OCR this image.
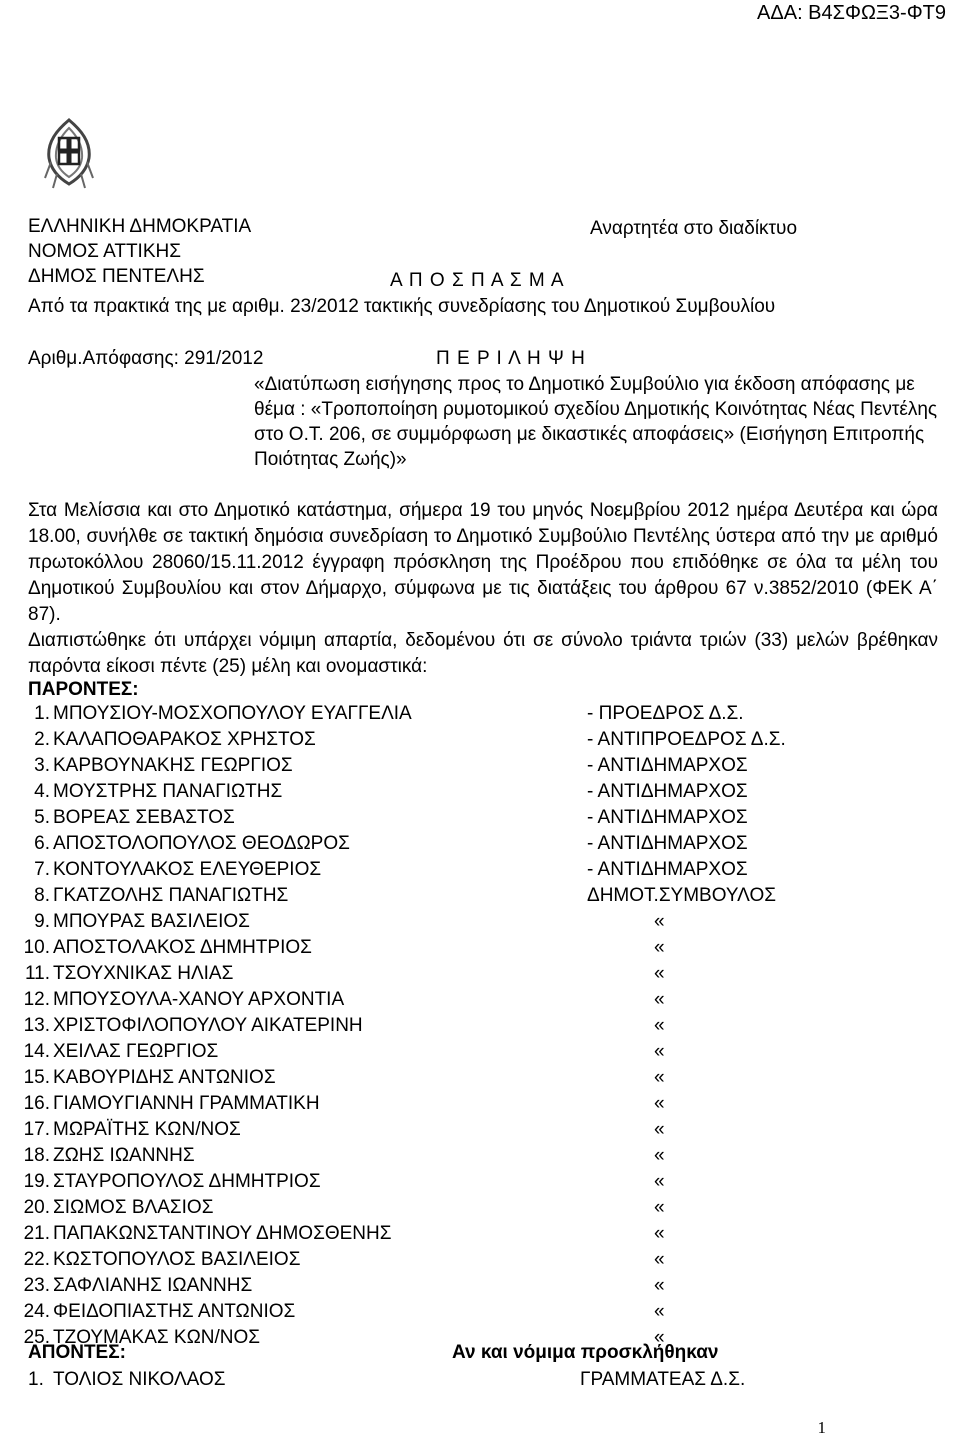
ΑΔΑ: Β4ΣΦΩΞ3-ΦΤ9
ΕΛΛΗΝΙΚΗ ΔΗΜΟΚΡΑΤΙΑ
ΝΟΜΟΣ ΑΤΤΙΚΗΣ
ΔΗΜΟΣ ΠΕΝΤΕΛΗΣ
Αναρτητέα στο διαδίκτυο
Α Π Ο Σ Π Α Σ Μ Α
Από τα πρακτικά της με αριθμ. 23/2012 τακτικής συνεδρίασης του Δημοτικού Συμβουλίου
Αριθμ.Απόφασης: 291/2012	Π Ε Ρ Ι Λ Η Ψ Η
«Διατύπωση εισήγησης προς το Δημοτικό Συμβούλιο για έκδοση απόφασης με θέμα : «Τροποποίηση ρυμοτομικού σχεδίου Δημοτικής Κοινότητας Νέας Πεντέλης στο Ο.Τ. 206, σε συμμόρφωση με δικαστικές αποφάσεις» (Εισήγηση Επιτροπής Ποιότητας Ζωής)»
Στα Μελίσσια και στο Δημοτικό κατάστημα, σήμερα 19 του μηνός Νοεμβρίου 2012 ημέρα Δευτέρα και ώρα 18.00, συνήλθε σε τακτική δημόσια συνεδρίαση το Δημοτικό Συμβούλιο Πεντέλης ύστερα από την με αριθμό πρωτοκόλλου 28060/15.11.2012 έγγραφη πρόσκληση της Προέδρου που επιδόθηκε σε όλα τα μέλη του Δημοτικού Συμβουλίου και στον Δήμαρχο, σύμφωνα με τις διατάξεις του άρθρου 67 ν.3852/2010 (ΦΕΚ Α΄ 87).
Διαπιστώθηκε ότι υπάρχει νόμιμη απαρτία, δεδομένου ότι σε σύνολο τριάντα τριών (33) μελών βρέθηκαν παρόντα είκοσι πέντε (25) μέλη και ονομαστικά:
ΠΑΡΟΝΤΕΣ:
1. ΜΠΟΥΣΙΟΥ-ΜΟΣΧΟΠΟΥΛΟΥ ΕΥΑΓΓΕΛΙΑ	- ΠΡΟΕΔΡΟΣ Δ.Σ.
2. ΚΑΛΑΠΟΘΑΡΑΚΟΣ ΧΡΗΣΤΟΣ	- ΑΝΤΙΠΡΟΕΔΡΟΣ Δ.Σ.
3. ΚΑΡΒΟΥΝΑΚΗΣ ΓΕΩΡΓΙΟΣ	- ΑΝΤΙΔΗΜΑΡΧΟΣ
4. ΜΟΥΣΤΡΗΣ ΠΑΝΑΓΙΩΤΗΣ	- ΑΝΤΙΔΗΜΑΡΧΟΣ
5. ΒΟΡΕΑΣ ΣΕΒΑΣΤΟΣ	- ΑΝΤΙΔΗΜΑΡΧΟΣ
6. ΑΠΟΣΤΟΛΟΠΟΥΛΟΣ ΘΕΟΔΩΡΟΣ	- ΑΝΤΙΔΗΜΑΡΧΟΣ
7. ΚΟΝΤΟΥΛΑΚΟΣ ΕΛΕΥΘΕΡΙΟΣ	- ΑΝΤΙΔΗΜΑΡΧΟΣ
8. ΓΚΑΤΖΟΛΗΣ ΠΑΝΑΓΙΩΤΗΣ	ΔΗΜΟΤ.ΣΥΜΒΟΥΛΟΣ
9. ΜΠΟΥΡΑΣ ΒΑΣΙΛΕΙΟΣ	«
10. ΑΠΟΣΤΟΛΑΚΟΣ ΔΗΜΗΤΡΙΟΣ	«
11. ΤΣΟΥΧΝΙΚΑΣ ΗΛΙΑΣ	«
12. ΜΠΟΥΣΟΥΛΑ-ΧΑΝΟΥ ΑΡΧΟΝΤΙΑ	«
13. ΧΡΙΣΤΟΦΙΛΟΠΟΥΛΟΥ ΑΙΚΑΤΕΡΙΝΗ	«
14. ΧΕΙΛΑΣ ΓΕΩΡΓΙΟΣ	«
15. ΚΑΒΟΥΡΙΔΗΣ ΑΝΤΩΝΙΟΣ	«
16. ΓΙΑΜΟΥΓΙΑΝΝΗ ΓΡΑΜΜΑΤΙΚΗ	«
17. ΜΩΡΑΪΤΗΣ ΚΩΝ/ΝΟΣ	«
18. ΖΩΗΣ ΙΩΑΝΝΗΣ	«
19. ΣΤΑΥΡΟΠΟΥΛΟΣ ΔΗΜΗΤΡΙΟΣ	«
20. ΣΙΩΜΟΣ ΒΛΑΣΙΟΣ	«
21. ΠΑΠΑΚΩΝΣΤΑΝΤΙΝΟΥ ΔΗΜΟΣΘΕΝΗΣ	«
22. ΚΩΣΤΟΠΟΥΛΟΣ ΒΑΣΙΛΕΙΟΣ	«
23. ΣΑΦΛΙΑΝΗΣ ΙΩΑΝΝΗΣ	«
24. ΦΕΙΔΟΠΙΑΣΤΗΣ ΑΝΤΩΝΙΟΣ	«
25. ΤΖΟΥΜΑΚΑΣ ΚΩΝ/ΝΟΣ	«
ΑΠΟΝΤΕΣ:	Αν και νόμιμα προσκλήθηκαν
1. ΤΟΛΙΟΣ ΝΙΚΟΛΑΟΣ	ΓΡΑΜΜΑΤΕΑΣ Δ.Σ.
1
